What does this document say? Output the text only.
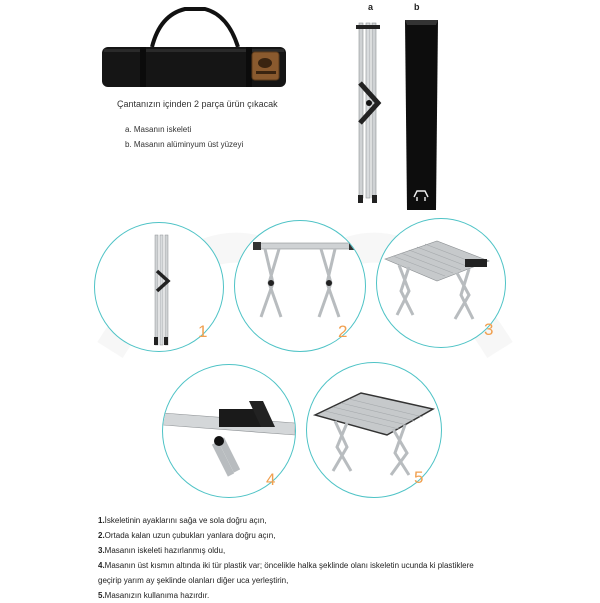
a	b
Çantanızın içinden 2 parça ürün çıkacak
a. Masanın iskeleti
b. Masanın alüminyum üst yüzeyi
1	2	3
4	5
1.İskeletinin ayaklarını sağa ve sola doğru açın,
2.Ortada kalan uzun çubukları yanlara doğru açın,
3.Masanın iskeleti hazırlanmış oldu,
4.Masanın üst kısmın altında iki tür plastik var; öncelikle halka şeklinde olanı iskeletin ucunda ki plastiklere
geçirip yarım ay şeklinde olanları diğer uca yerleştirin,
5.Masanızın kullanıma hazırdır.
